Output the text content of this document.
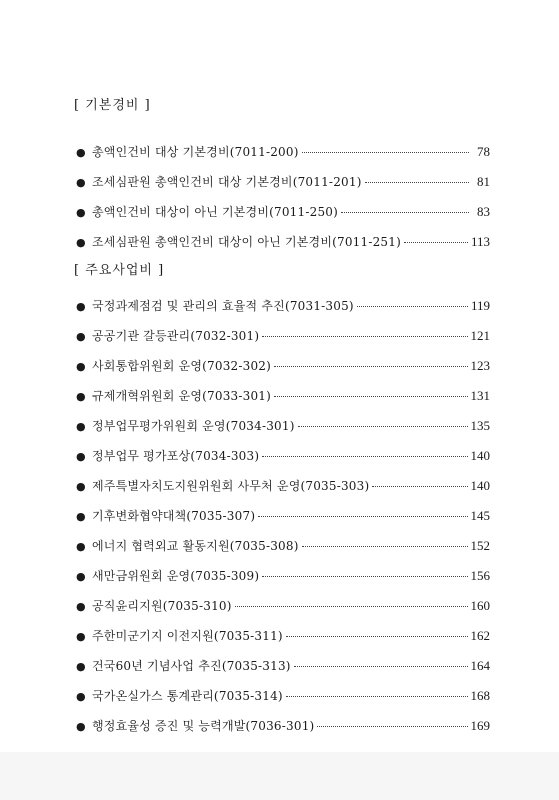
[ 기본경비 ]
● 총액인건비 대상 기본경비(7011-200)	78
● 조세심판원 총액인건비 대상 기본경비(7011-201)	81
● 총액인건비 대상이 아닌 기본경비(7011-250)	83
● 조세심판원 총액인건비 대상이 아닌 기본경비(7011-251)	113
[ 주요사업비 ]
● 국정과제점검 및 관리의 효율적 추진(7031-305)	119
● 공공기관 갈등관리(7032-301)	121
● 사회통합위원회 운영(7032-302)	123
● 규제개혁위원회 운영(7033-301)	131
● 정부업무평가위원회 운영(7034-301)	135
● 정부업무 평가포상(7034-303)	140
● 제주특별자치도지원위원회 사무처 운영(7035-303)	140
● 기후변화협약대책(7035-307)	145
● 에너지 협력외교 활동지원(7035-308)	152
● 새만금위원회 운영(7035-309)	156
● 공직윤리지원(7035-310)	160
● 주한미군기지 이전지원(7035-311)	162
● 건국60년 기념사업 추진(7035-313)	164
● 국가온실가스 통계관리(7035-314)	168
● 행정효율성 증진 및 능력개발(7036-301)	169
